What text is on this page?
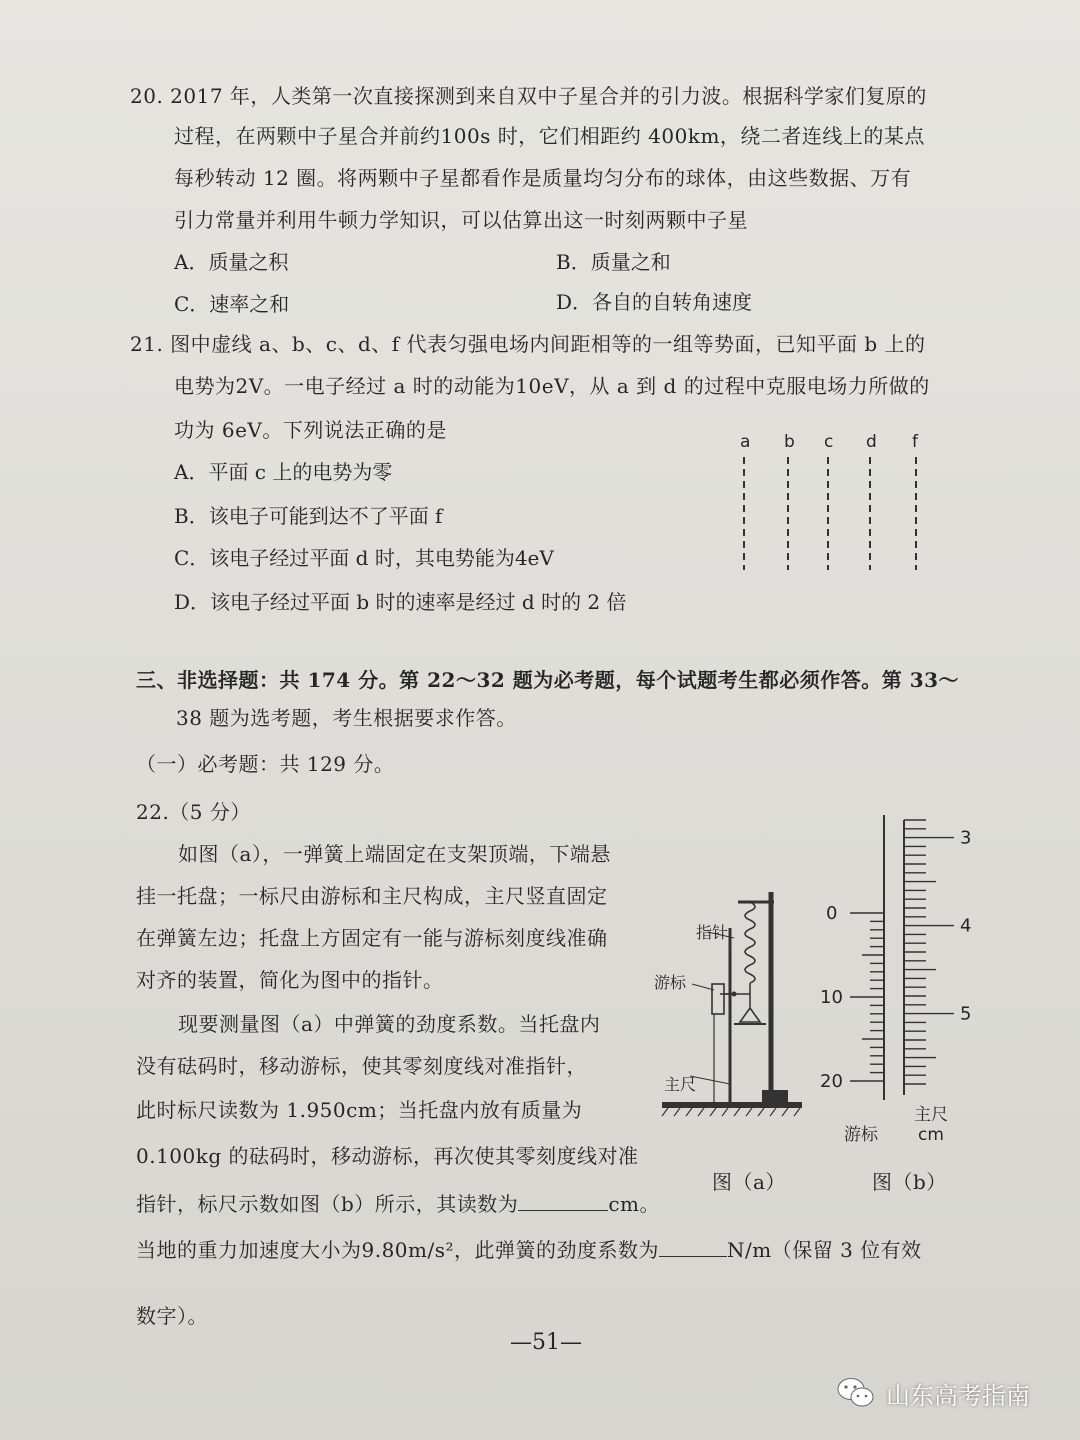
20. 2017 年，人类第一次直接探测到来自双中子星合并的引力波。根据科学家们复原的
过程，在两颗中子星合并前约100s 时，它们相距约 400km，绕二者连线上的某点
每秒转动 12 圈。将两颗中子星都看作是质量均匀分布的球体，由这些数据、万有
引力常量并利用牛顿力学知识，可以估算出这一时刻两颗中子星
A．质量之积	B．质量之和
C．速率之和	D．各自的自转角速度
21. 图中虚线 a、b、c、d、f 代表匀强电场内间距相等的一组等势面，已知平面 b 上的
电势为2V。一电子经过 a 时的动能为10eV，从 a 到 d 的过程中克服电场力所做的
功为 6eV。下列说法正确的是
A．平面 c 上的电势为零
B．该电子可能到达不了平面 f
C．该电子经过平面 d 时，其电势能为4eV
D．该电子经过平面 b 时的速率是经过 d 时的 2 倍
a b c d f
三、非选择题：共 174 分。第 22～32 题为必考题，每个试题考生都必须作答。第 33～
38 题为选考题，考生根据要求作答。
（一）必考题：共 129 分。
22.（5 分）
如图（a），一弹簧上端固定在支架顶端，下端悬
挂一托盘；一标尺由游标和主尺构成，主尺竖直固定
在弹簧左边；托盘上方固定有一能与游标刻度线准确
对齐的装置，简化为图中的指针。
现要测量图（a）中弹簧的劲度系数。当托盘内
没有砝码时，移动游标，使其零刻度线对准指针，
此时标尺读数为 1.950cm；当托盘内放有质量为
0.100kg 的砝码时，移动游标，再次使其零刻度线对准
指针，标尺示数如图（b）所示，其读数为	cm。
当地的重力加速度大小为9.80m/s²，此弹簧的劲度系数为	N/m（保留 3 位有效
数字）。
指针
游标
主尺
图（a）
3
4
5
0
10
20
主尺
cm
游标
图（b）
—51—
山东高考指南
